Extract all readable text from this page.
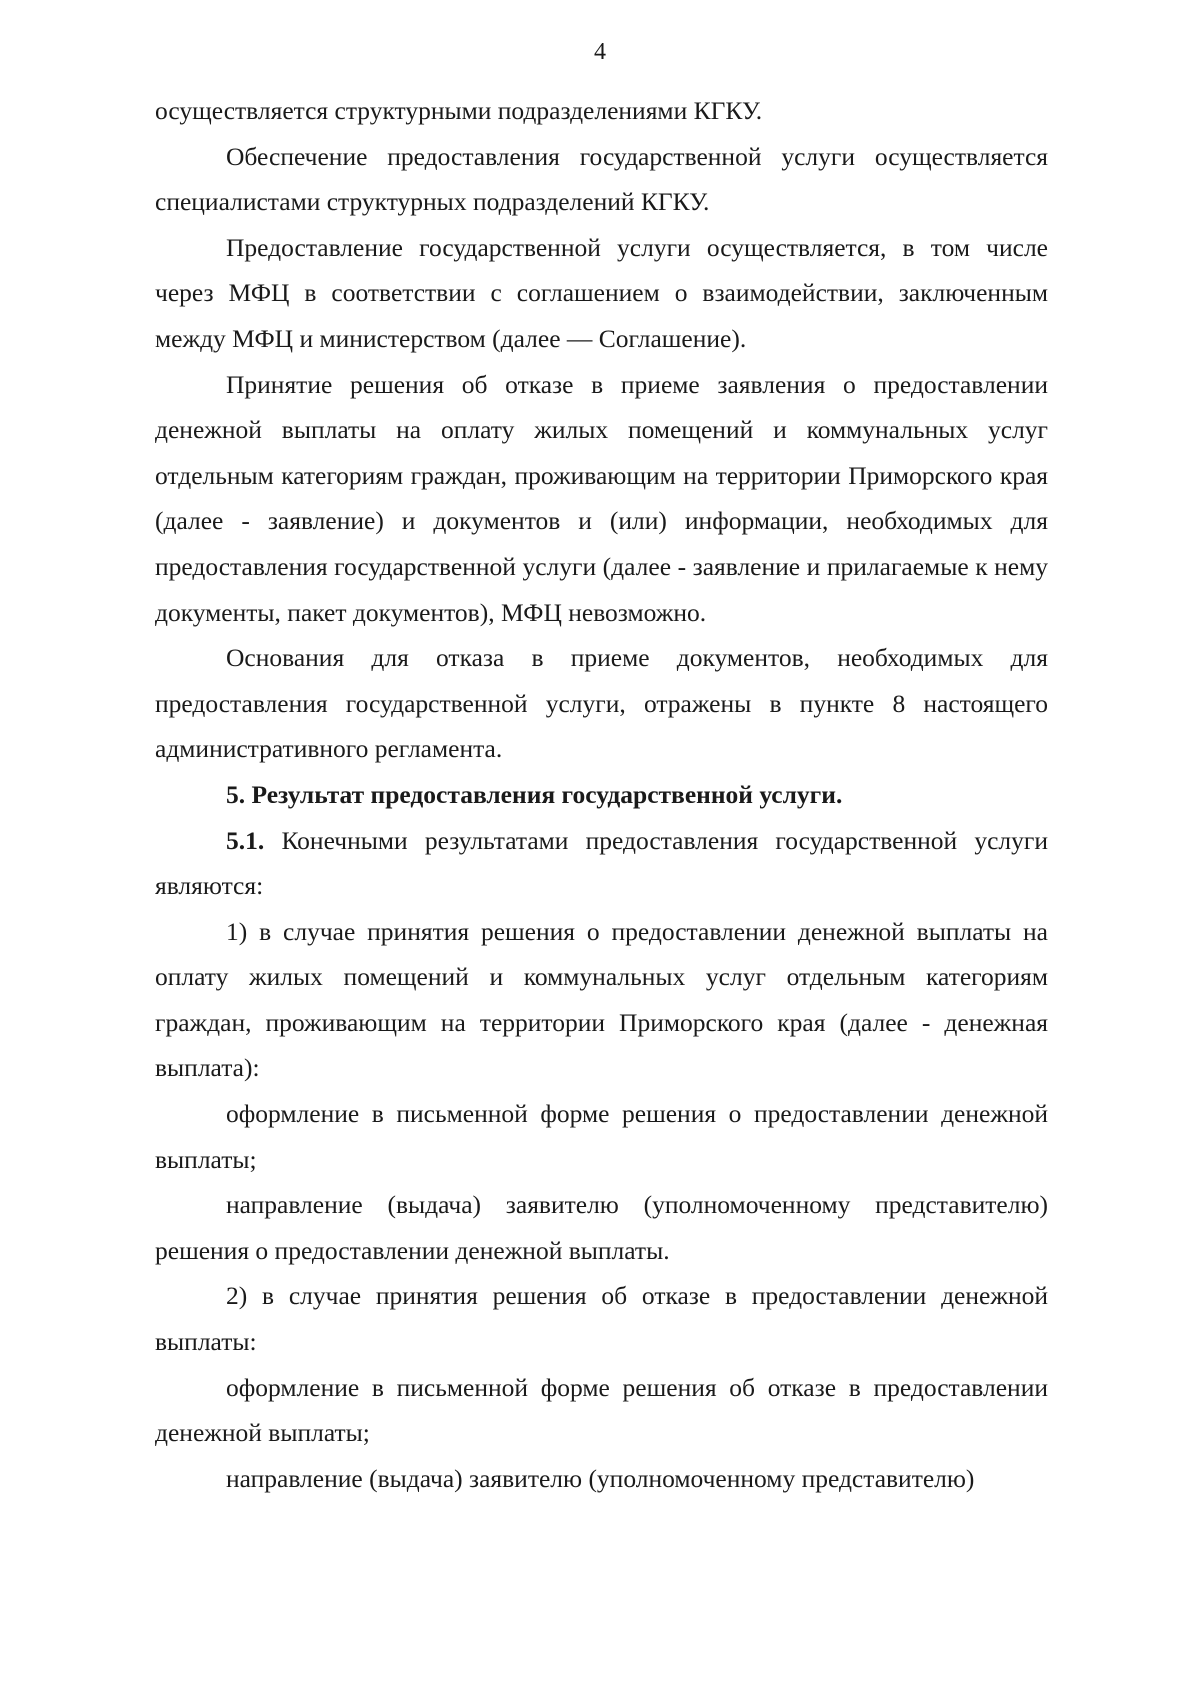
4

осуществляется структурными подразделениями КГКУ.

Обеспечение предоставления государственной услуги осуществляется специалистами структурных подразделений КГКУ.

Предоставление государственной услуги осуществляется, в том числе через МФЦ в соответствии с соглашением о взаимодействии, заключенным между МФЦ и министерством (далее — Соглашение).

Принятие решения об отказе в приеме заявления о предоставлении денежной выплаты на оплату жилых помещений и коммунальных услуг отдельным категориям граждан, проживающим на территории Приморского края (далее - заявление) и документов и (или) информации, необходимых для предоставления государственной услуги (далее - заявление и прилагаемые к нему документы, пакет документов), МФЦ невозможно.

Основания для отказа в приеме документов, необходимых для предоставления государственной услуги, отражены в пункте 8 настоящего административного регламента.

5. Результат предоставления государственной услуги.

5.1. Конечными результатами предоставления государственной услуги являются:

1) в случае принятия решения о предоставлении денежной выплаты на оплату жилых помещений и коммунальных услуг отдельным категориям граждан, проживающим на территории Приморского края (далее - денежная выплата):

оформление в письменной форме решения о предоставлении денежной выплаты;

направление (выдача) заявителю (уполномоченному представителю) решения о предоставлении денежной выплаты.

2) в случае принятия решения об отказе в предоставлении денежной выплаты:

оформление в письменной форме решения об отказе в предоставлении денежной выплаты;

направление (выдача) заявителю (уполномоченному представителю)
